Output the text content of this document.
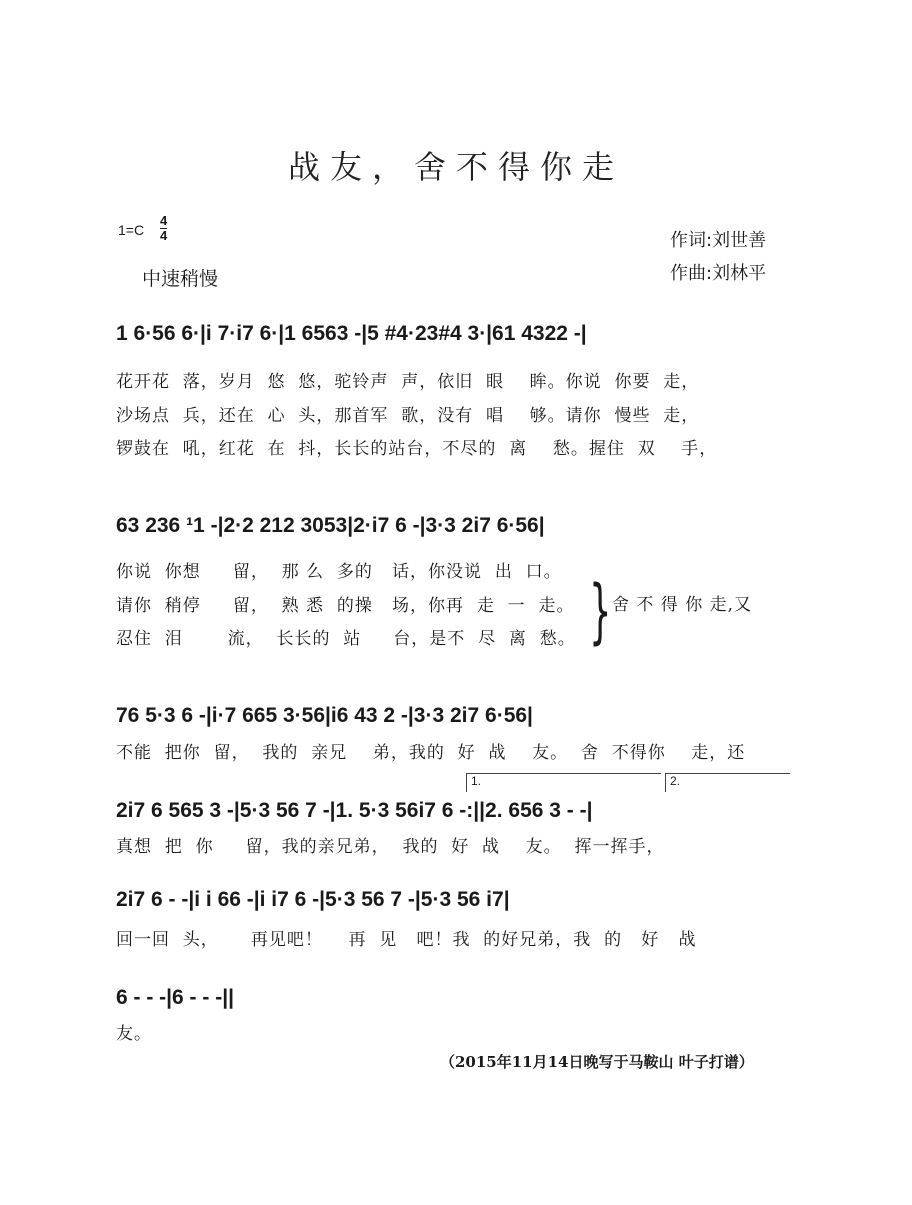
战友，舍不得你走
1=C
4
4
中速稍慢
作词:刘世善
作曲:刘林平
1 6·56 6·|i 7·i7 6·|1 6563 -|5 #4·23#4 3·|61 4322 -|
花开花  落，岁月  悠  悠，驼铃声  声，依旧  眼    眸。你说  你要  走，
沙场点  兵，还在  心  头，那首军  歌，没有  唱    够。请你  慢些  走，
锣鼓在  吼，红花  在  抖，长长的站台，不尽的  离    愁。握住  双    手，
63 236 ¹1 -|2·2 212 3053|2·i7 6 -|3·3 2i7 6·56|
你说  你想     留，  那 么  多的   话，你没说  出  口。
请你  稍停     留，  熟 悉  的操   场，你再  走  一  走。
忍住  泪       流，  长长的  站     台，是不  尽  离  愁。 } 舍 不 得 你 走,又
76 5·3 6 -|i·7 665 3·56|i6 43 2 -|3·3 2i7 6·56|
不能  把你  留，  我的  亲兄    弟，我的  好  战    友。  舍  不得你    走，还
1.	2.
2i7 6 565 3 -|5·3 56 7 -|1. 5·3 56i7 6 -:||2. 656 3 - -|
真想  把  你     留，我的亲兄弟，  我的  好  战    友。  挥一挥手，
2i7 6 - -|i i 66 -|i i7 6 -|5·3 56 7 -|5·3 56 i7|
回一回  头，     再见吧！    再  见   吧！我  的好兄弟，我  的   好   战
6 - - -|6 - - -||
友。
（2015年11月14日晚写于马鞍山 叶子打谱）
